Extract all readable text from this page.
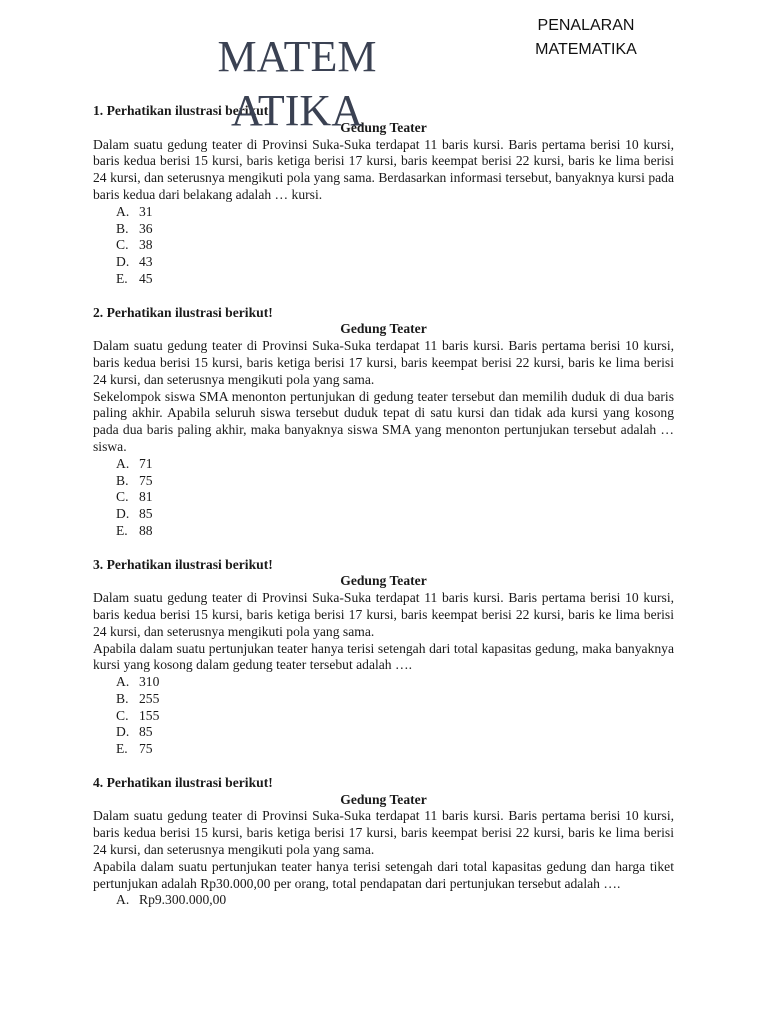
PENALARAN MATEMATIKA
MATEMATIKA

1. Perhatikan ilustrasi berikut!

Gedung Teater

Dalam suatu gedung teater di Provinsi Suka-Suka terdapat 11 baris kursi. Baris pertama berisi 10 kursi, baris kedua berisi 15 kursi, baris ketiga berisi 17 kursi, baris keempat berisi 22 kursi, baris ke lima berisi 24 kursi, dan seterusnya mengikuti pola yang sama. Berdasarkan informasi tersebut, banyaknya kursi pada baris kedua dari belakang adalah … kursi.

A. 31
B. 36
C. 38
D. 43
E. 45

2. Perhatikan ilustrasi berikut!

Gedung Teater

Dalam suatu gedung teater di Provinsi Suka-Suka terdapat 11 baris kursi. Baris pertama berisi 10 kursi, baris kedua berisi 15 kursi, baris ketiga berisi 17 kursi, baris keempat berisi 22 kursi, baris ke lima berisi 24 kursi, dan seterusnya mengikuti pola yang sama.

Sekelompok siswa SMA menonton pertunjukan di gedung teater tersebut dan memilih duduk di dua baris paling akhir. Apabila seluruh siswa tersebut duduk tepat di satu kursi dan tidak ada kursi yang kosong pada dua baris paling akhir, maka banyaknya siswa SMA yang menonton pertunjukan tersebut adalah … siswa.

A. 71
B. 75
C. 81
D. 85
E. 88

3. Perhatikan ilustrasi berikut!

Gedung Teater

Dalam suatu gedung teater di Provinsi Suka-Suka terdapat 11 baris kursi. Baris pertama berisi 10 kursi, baris kedua berisi 15 kursi, baris ketiga berisi 17 kursi, baris keempat berisi 22 kursi, baris ke lima berisi 24 kursi, dan seterusnya mengikuti pola yang sama.

Apabila dalam suatu pertunjukan teater hanya terisi setengah dari total kapasitas gedung, maka banyaknya kursi yang kosong dalam gedung teater tersebut adalah ….

A. 310
B. 255
C. 155
D. 85
E. 75

4. Perhatikan ilustrasi berikut!

Gedung Teater

Dalam suatu gedung teater di Provinsi Suka-Suka terdapat 11 baris kursi. Baris pertama berisi 10 kursi, baris kedua berisi 15 kursi, baris ketiga berisi 17 kursi, baris keempat berisi 22 kursi, baris ke lima berisi 24 kursi, dan seterusnya mengikuti pola yang sama.

Apabila dalam suatu pertunjukan teater hanya terisi setengah dari total kapasitas gedung dan harga tiket pertunjukan adalah Rp30.000,00 per orang, total pendapatan dari pertunjukan tersebut adalah ….

A. Rp9.300.000,00
